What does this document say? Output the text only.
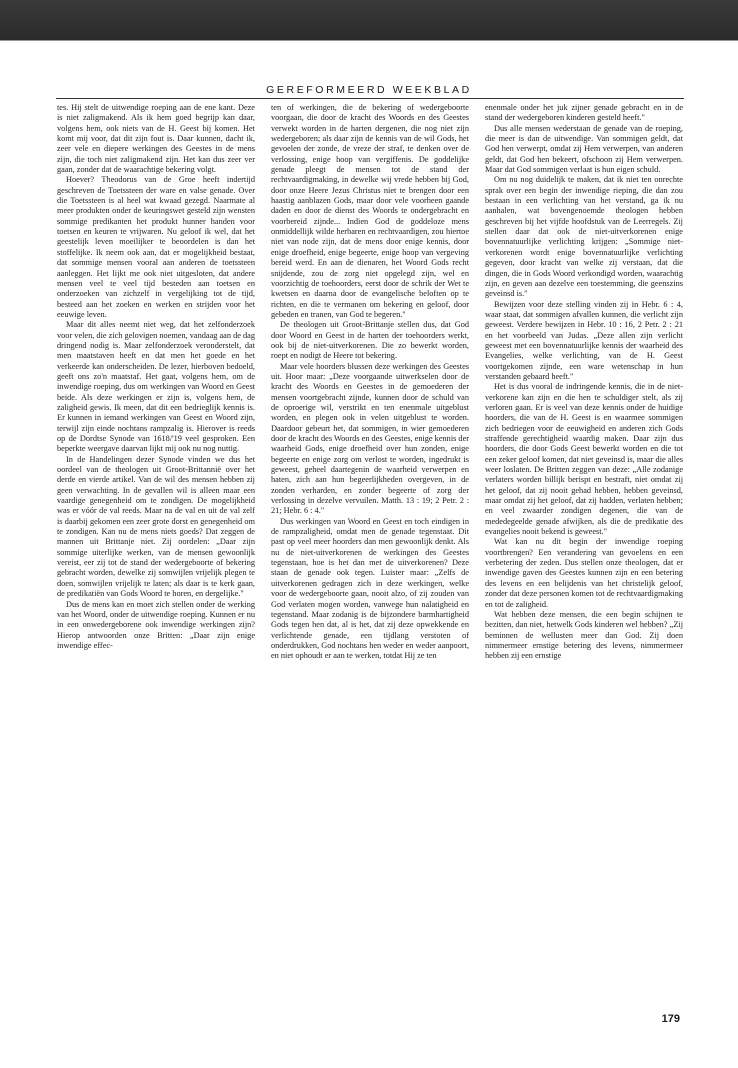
GEREFORMEERD WEEKBLAD

tes. Hij stelt de uitwendige roeping aan de ene kant. Deze is niet zaligmakend. Als ik hem goed begrijp kan daar, volgens hem, ook niets van de H. Geest bij komen. Het komt mij voor, dat dit zijn fout is. Daar kunnen, dacht ik, zeer vele en diepere werkingen des Geestes in de mens zijn, die toch niet zaligmakend zijn. Het kan dus zeer ver gaan, zonder dat de waarachtige bekering volgt.

Hoever? Theodorus van de Groe heeft indertijd geschreven de Toetssteen der ware en valse genade. Over die Toetssteen is al heel wat kwaad gezegd. Naarmate al meer produkten onder de keuringswet gesteld zijn wensten sommige predikanten het produkt hunner handen voor toetsen en keuren te vrijwaren. Nu geloof ik wel, dat het geestelijk leven moeilijker te beoordelen is dan het stoffelijke. Ik neem ook aan, dat er mogelijkheid bestaat, dat sommige mensen vooral aan anderen de toetssteen aanleggen. Het lijkt me ook niet uitgesloten, dat andere mensen veel te veel tijd besteden aan toetsen en onderzoeken van zichzelf in vergelijking tot de tijd, besteed aan het zoeken en werken en strijden voor het eeuwige leven.

Maar dit alles neemt niet weg, dat het zelfonderzoek voor velen, die zich gelovigen noemen, vandaag aan de dag dringend nodig is. Maar zelfonderzoek veronderstelt, dat men maatstaven heeft en dat men het goede en het verkeerde kan onderscheiden. De lezer, hierboven bedoeld, geeft ons zo'n maatstaf. Het gaat, volgens hem, om de inwendige roeping, dus om werkingen van Woord en Geest beide. Als deze werkingen er zijn is, volgens hem, de zaligheid gewis. Ik meen, dat dit een bedrieglijk kennis is. Er kunnen in iemand werkingen van Geest en Woord zijn, terwijl zijn einde nochtans rampzalig is. Hierover is reeds op de Dordtse Synode van 1618/'19 veel gesproken. Een beperkte weergave daarvan lijkt mij ook nu nog nuttig.

In de Handelingen dezer Synode vinden we dus het oordeel van de theologen uit Groot-Brittannië over het derde en vierde artikel. Van de wil des mensen hebben zij geen verwachting. In de gevallen wil is alleen maar een vaardige genegenheid om te zondigen. De mogelijkheid was er vóór de val reeds. Maar na de val en uit de val zelf is daarbij gekomen een zeer grote dorst en genegenheid om te zondigen. Kan nu de mens niets goeds? Dat zeggen de mannen uit Brittanje niet. Zij oordelen: „Daar zijn sommige uiterlijke werken, van de mensen gewoonlijk vereist, eer zij tot de stand der wedergeboorte of bekering gebracht worden, dewelke zij somwijlen vrijelijk plegen te doen, somwijlen vrijelijk te laten; als daar is te kerk gaan, de predikatiën van Gods Woord te horen, en dergelijke."

Dus de mens kan en moet zich stellen onder de werking van het Woord, onder de uitwendige roeping. Kunnen er nu in een onwedergeborene ook inwendige werkingen zijn? Hierop antwoorden onze Britten: „Daar zijn enige inwendige effec-

ten of werkingen, die de bekering of wedergeboorte voorgaan, die door de kracht des Woords en des Geestes verwekt worden in de harten dergenen, die nog niet zijn wedergeboren; als daar zijn de kennis van de wil Gods, het gevoelen der zonde, de vreze der straf, te denken over de verlossing, enige hoop van vergiffenis. De goddelijke genade pleegt de mensen tot de stand der rechtvaardigmaking, in dewelke wij vrede hebben bij God, door onze Heere Jezus Christus niet te brengen door een haastig aanblazen Gods, maar door vele voorheen gaande daden en door de dienst des Woords te ondergebracht en voorbereid zijnde... Indien God de goddeloze mens onmiddellijk wilde herbaren en rechtvaardigen, zou hiertoe niet van node zijn, dat de mens door enige kennis, door enige droefheid, enige begeerte, enige hoop van vergeving bereid werd. En aan de dienaren, het Woord Gods recht snijdende, zou de zorg niet opgelegd zijn, wel en voorzichtig de toehoorders, eerst door de schrik der Wet te kwetsen en daarna door de evangelische beloften op te richten, en die te vermanen om bekering en geloof, door gebeden en tranen, van God te begeren."

De theologen uit Groot-Brittanje stellen dus, dat God door Woord en Geest in de harten der toehoorders werkt, ook bij de niet-uitverkorenen. Die zo bewerkt worden, roept en nodigt de Heere tot bekering.

Maar vele hoorders blussen deze werkingen des Geestes uit. Hoor maar: „Deze voorgaande uitwerkselen door de kracht des Woords en Geestes in de gemoederen der mensen voortgebracht zijnde, kunnen door de schuld van de oproerige wil, verstrikt en ten enenmale uitgeblust worden, en plegen ook in velen uitgeblust te worden. Daardoor gebeurt het, dat sommigen, in wier gemoederen door de kracht des Woords en des Geestes, enige kennis der waarheid Gods, enige droefheid over hun zonden, enige begeerte en enige zorg om verlost te worden, ingedrukt is geweest, geheel daartegenin de waarheid verwerpen en haten, zich aan hun begeerlijkheden overgeven, in de zonden verharden, en zonder begeerte of zorg der verlossing in dezelve vervuilen. Matth. 13 : 19; 2 Petr. 2 : 21; Hebr. 6 : 4."

Dus werkingen van Woord en Geest en toch eindigen in de rampzaligheid, omdat men de genade tegenstaat. Dit past op veel meer hoorders dan men gewoonlijk denkt. Als nu de niet-uitverkorenen de werkingen des Geestes tegenstaan, hoe is het dan met de uitverkorenen? Deze staan de genade ook tegen. Luister maar: „Zelfs de uitverkorenen gedragen zich in deze werkingen, welke voor de wedergeboorte gaan, nooit alzo, of zij zouden van God verlaten mogen worden, vanwege hun nalatigheid en tegenstand. Maar zodanig is de bijzondere barmhartigheid Gods tegen hen dat, al is het, dat zij deze opwekkende en verlichtende genade, een tijdlang verstoten of onderdrukken, God nochtans hen weder en weder aanpoort, en niet ophoudt er aan te werken, totdat Hij ze ten

enenmale onder het juk zijner genade gebracht en in de stand der wedergeboren kinderen gesteld heeft."

Dus alle mensen wederstaan de genade van de roeping, die meer is dan de uitwendige. Van sommigen geldt, dat God hen verwerpt, omdat zij Hem verwerpen, van anderen geldt, dat God hen bekeert, ofschoon zij Hem verwerpen. Maar dat God sommigen verlaat is hun eigen schuld.

Om nu nog duidelijk te maken, dat ik niet ten onrechte sprak over een begin der inwendige rieping, die dan zou bestaan in een verlichting van het verstand, ga ik nu aanhalen, wat bovengenoemde theologen hebben geschreven bij het vijfde hoofdstuk van de Leerregels. Zij stellen daar dat ook de niet-uitverkorenen enige bovennatuurlijke verlichting krijgen: „Sommige niet-verkorenen wordt enige bovennatuurlijke verlichting gegeven, door kracht van welke zij verstaan, dat die dingen, die in Gods Woord verkondigd worden, waarachtig zijn, en geven aan dezelve een toestemming, die geenszins geveinsd is."

Bewijzen voor deze stelling vinden zij in Hebr. 6 : 4, waar staat, dat sommigen afvallen kunnen, die verlicht zijn geweest. Verdere bewijzen in Hebr. 10 : 16, 2 Petr. 2 : 21 en het voorbeeld van Judas. „Deze allen zijn verlicht geweest met een bovennatuurlijke kennis der waarheid des Evangelies, welke verlichting, van de H. Geest voortgekomen zijnde, een ware wetenschap in hun verstanden gebaard heeft."

Het is dus vooral de indringende kennis, die in de niet-verkorene kan zijn en die hen te schuldiger stelt, als zij verloren gaan. Er is veel van deze kennis onder de huidige hoorders, die van de H. Geest is en waarmee sommigen zich bedriegen voor de eeuwigheid en anderen zich Gods straffende gerechtigheid waardig maken. Daar zijn dus hoorders, die door Gods Geest bewerkt worden en die tot een zeker geloof komen, dat niet geveinsd is, maar die alles weer loslaten. De Britten zeggen van deze: „Alle zodanige verlaters worden billijk berispt en bestraft, niet omdat zij het geloof, dat zij nooit gehad hebben, hebben geveinsd, maar omdat zij het geloof, dat zij hadden, verlaten hebben; en veel zwaarder zondigen degenen, die van de mededegeelde genade afwijken, als die de predikatie des evangelies nooit bekend is geweest."

Wat kan nu dit begin der inwendige roeping voortbrengen? Een verandering van gevoelens en een verbetering der zeden. Dus stellen onze theologen, dat er inwendige gaven des Geestes kunnen zijn en een betering des levens en een belijdenis van het christelijk geloof, zonder dat deze personen komen tot de rechtvaardigmaking en tot de zaligheid.

Wat hebben deze mensen, die een begin schijnen te bezitten, dan niet, hetwelk Gods kinderen wel hebben? „Zij beminnen de wellusten meer dan God. Zij doen nimmermeer ernstige betering des levens, nimmermeer hebben zij een ernstige

179
